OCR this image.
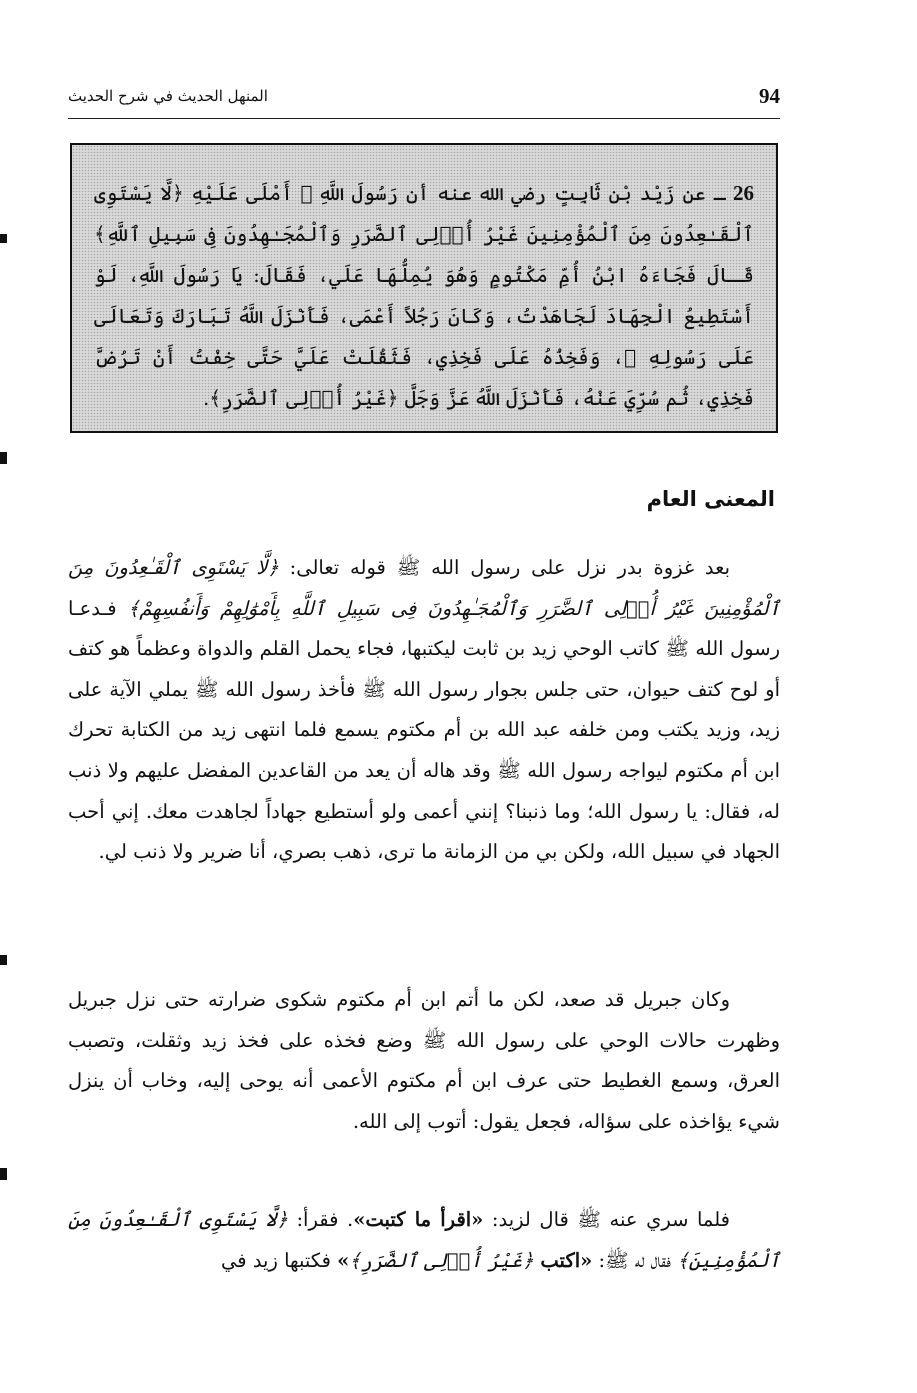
94
المنهل الحديث في شرح الحديث
26 ـ عن زَيْد بْن ثَابِتٍ رضي الله عنه أن رَسُولَ اللَّهِ ﷺ أَمْلَى عَلَيْهِ ﴿لَّا يَسْتَوِى ٱلْقَـٰعِدُونَ مِنَ ٱلْمُؤْمِنِينَ غَيْرُ أُو۟لِى ٱلضَّرَرِ وَٱلْمُجَـٰهِدُونَ فِى سَبِيلِ ٱللَّهِ﴾ قَـالَ فَجَاءَهُ ابْنُ أُمِّ مَكْتُومٍ وَهُوَ يُمِلُّهَا عَلَي، فَقَالَ: يَا رَسُولَ اللَّهِ، لَوْ أَسْتَطِيعُ الْجِهَادَ لَجَاهَدْتُ، وَكَانَ رَجُلاً أَعْمَى، فَأَنْزَلَ اللَّهُ تَبَارَكَ وَتَعَالَى عَلَى رَسُولِهِ ﷺ، وَفَخِذُهُ عَلَى فَخِذِي، فَثَقُلَتْ عَلَيَّ حَتَّى خِفْتُ أَنْ تَرُضَّ فَخِذِي، ثُم سُرِّيَ عَنْهُ، فَأَنْزَلَ اللَّهُ عَزَّ وَجَلَّ ﴿غَيْرُ أُو۟لِى ٱلضَّرَرِ﴾.
المعنى العام

بعد غزوة بدر نزل على رسول الله ﷺ قوله تعالى: ﴿لَّا يَسْتَوِى ٱلْقَـٰعِدُونَ مِنَ ٱلْمُؤْمِنِينَ غَيْرُ أُو۟لِى ٱلضَّرَرِ وَٱلْمُجَـٰهِدُونَ فِى سَبِيلِ ٱللَّهِ بِأَمْوَٰلِهِمْ وَأَنفُسِهِمْ﴾ فـدعـا رسول الله ﷺ كاتب الوحي زيد بن ثابت ليكتبها، فجاء يحمل القلم والدواة وعظماً هو كتف أو لوح كتف حيوان، حتى جلس بجوار رسول الله ﷺ فأخذ رسول الله ﷺ يملي الآية على زيد، وزيد يكتب ومن خلفه عبد الله بن أم مكتوم يسمع فلما انتهى زيد من الكتابة تحرك ابن أم مكتوم ليواجه رسول الله ﷺ وقد هاله أن يعد من القاعدين المفضل عليهم ولا ذنب له، فقال: يا رسول الله؛ وما ذنبنا؟ إنني أعمى ولو أستطيع جهاداً لجاهدت معك. إني أحب الجهاد في سبيل الله، ولكن بي من الزمانة ما ترى، ذهب بصري، أنا ضرير ولا ذنب لي.

وكان جبريل قد صعد، لكن ما أتم ابن أم مكتوم شكوى ضرارته حتى نزل جبريل وظهرت حالات الوحي على رسول الله ﷺ وضع فخذه على فخذ زيد وثقلت، وتصبب العرق، وسمع الغطيط حتى عرف ابن أم مكتوم الأعمى أنه يوحى إليه، وخاب أن ينزل شيء يؤاخذه على سؤاله، فجعل يقول: أتوب إلى الله.

فلما سري عنه ﷺ قال لزيد: «اقرأ ما كتبت». فقرأ: ﴿لَّا يَسْتَوِى ٱلْقَـٰعِدُونَ مِنَ ٱلْمُؤْمِنِينَ﴾ فقال له ﷺ: «اكتب ﴿غَيْرُ أُو۟لِى ٱلضَّرَرِ﴾» فكتبها زيد في
